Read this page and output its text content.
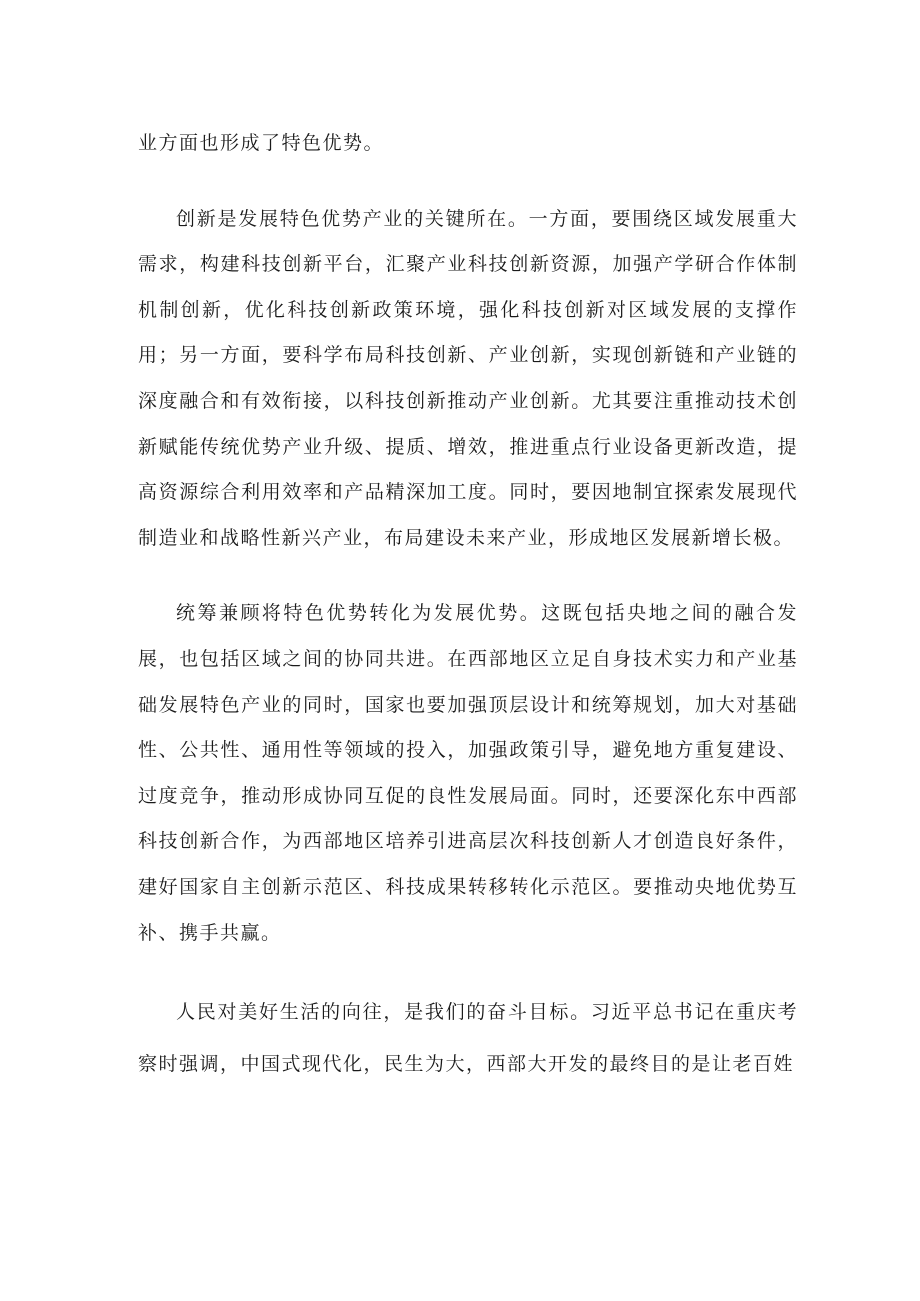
业方面也形成了特色优势。

创新是发展特色优势产业的关键所在。一方面，要围绕区域发展重大需求，构建科技创新平台，汇聚产业科技创新资源，加强产学研合作体制机制创新，优化科技创新政策环境，强化科技创新对区域发展的支撑作用；另一方面，要科学布局科技创新、产业创新，实现创新链和产业链的深度融合和有效衔接，以科技创新推动产业创新。尤其要注重推动技术创新赋能传统优势产业升级、提质、增效，推进重点行业设备更新改造，提高资源综合利用效率和产品精深加工度。同时，要因地制宜探索发展现代制造业和战略性新兴产业，布局建设未来产业，形成地区发展新增长极。

统筹兼顾将特色优势转化为发展优势。这既包括央地之间的融合发展，也包括区域之间的协同共进。在西部地区立足自身技术实力和产业基础发展特色产业的同时，国家也要加强顶层设计和统筹规划，加大对基础性、公共性、通用性等领域的投入，加强政策引导，避免地方重复建设、过度竞争，推动形成协同互促的良性发展局面。同时，还要深化东中西部科技创新合作，为西部地区培养引进高层次科技创新人才创造良好条件，建好国家自主创新示范区、科技成果转移转化示范区。要推动央地优势互补、携手共赢。

人民对美好生活的向往，是我们的奋斗目标。习近平总书记在重庆考察时强调，中国式现代化，民生为大，西部大开发的最终目的是让老百姓
